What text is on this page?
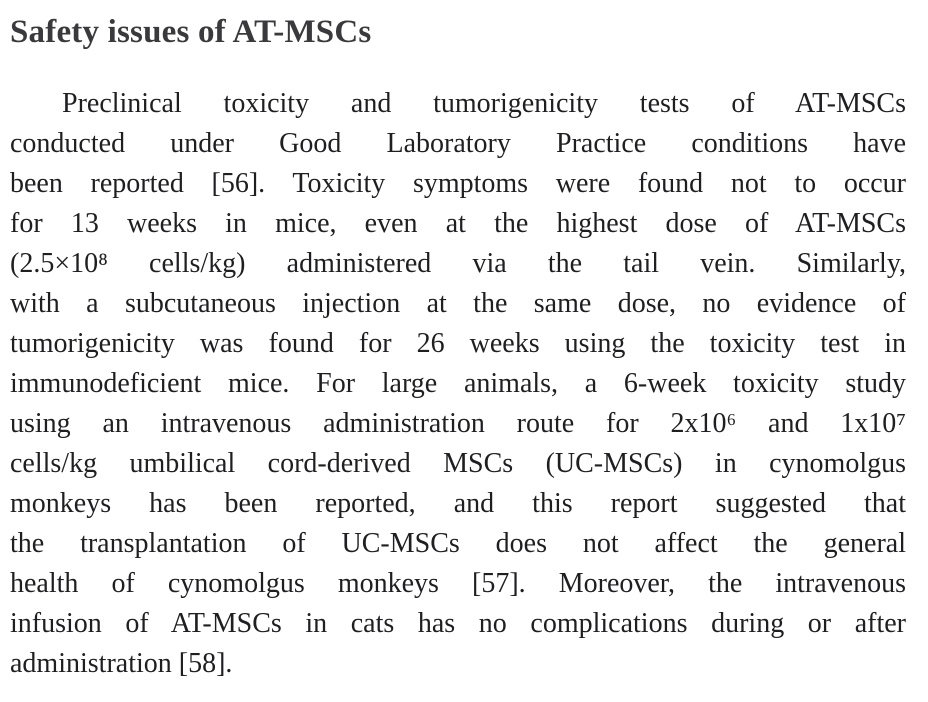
Safety issues of AT-MSCs
Preclinical toxicity and tumorigenicity tests of AT-MSCs
conducted under Good Laboratory Practice conditions have
been reported [56]. Toxicity symptoms were found not to occur
for 13 weeks in mice, even at the highest dose of AT-MSCs
(2.5×10⁸ cells/kg) administered via the tail vein. Similarly,
with a subcutaneous injection at the same dose, no evidence of
tumorigenicity was found for 26 weeks using the toxicity test in
immunodeficient mice. For large animals, a 6-week toxicity study
using an intravenous administration route for 2x10⁶ and 1x10⁷
cells/kg umbilical cord-derived MSCs (UC-MSCs) in cynomolgus
monkeys has been reported, and this report suggested that
the transplantation of UC-MSCs does not affect the general
health of cynomolgus monkeys [57]. Moreover, the intravenous
infusion of AT-MSCs in cats has no complications during or after
administration [58].
